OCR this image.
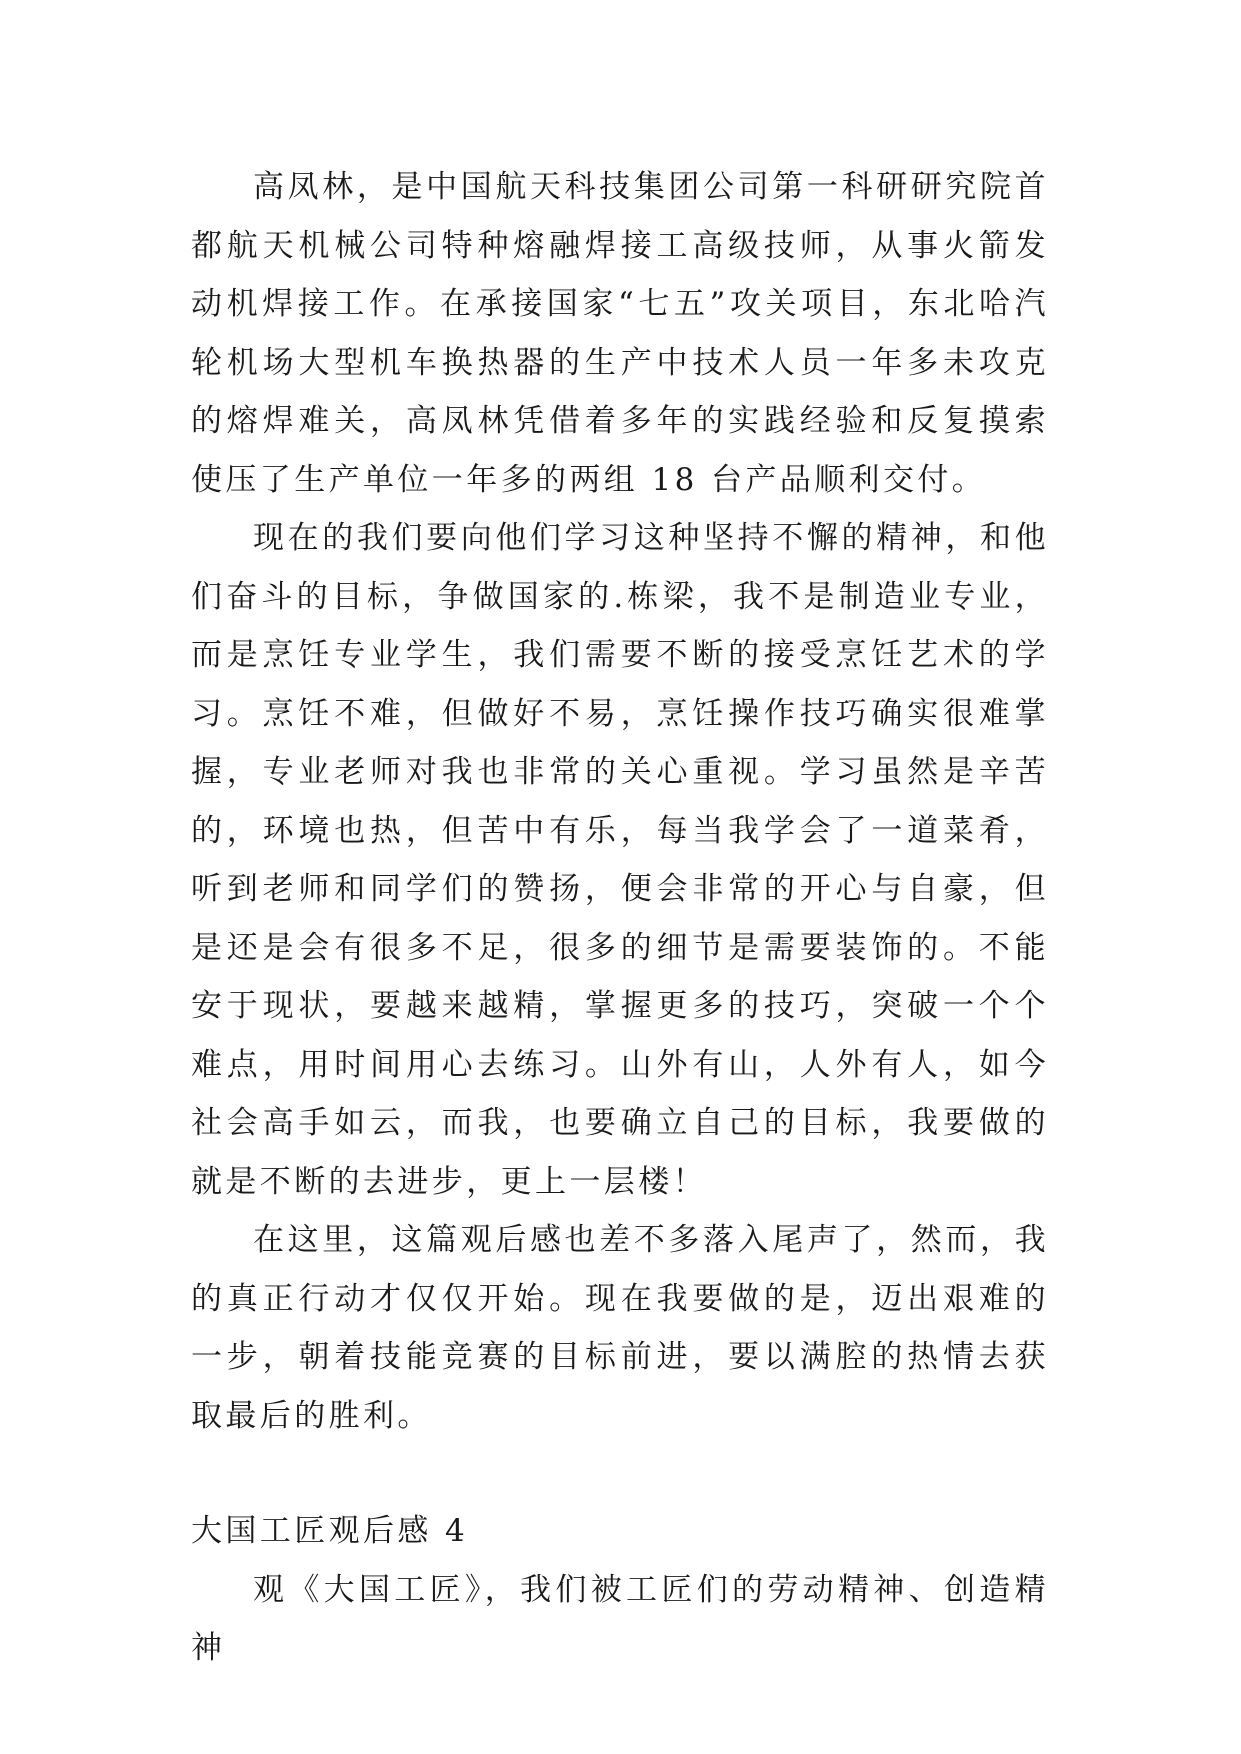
高凤林，是中国航天科技集团公司第一科研研究院首都航天机械公司特种熔融焊接工高级技师，从事火箭发动机焊接工作。在承接国家“七五”攻关项目，东北哈汽轮机场大型机车换热器的生产中技术人员一年多未攻克的熔焊难关，高凤林凭借着多年的实践经验和反复摸索使压了生产单位一年多的两组 18 台产品顺利交付。

现在的我们要向他们学习这种坚持不懈的精神，和他们奋斗的目标，争做国家的.栋梁，我不是制造业专业，而是烹饪专业学生，我们需要不断的接受烹饪艺术的学习。烹饪不难，但做好不易，烹饪操作技巧确实很难掌握，专业老师对我也非常的关心重视。学习虽然是辛苦的，环境也热，但苦中有乐，每当我学会了一道菜肴，听到老师和同学们的赞扬，便会非常的开心与自豪，但是还是会有很多不足，很多的细节是需要装饰的。不能安于现状，要越来越精，掌握更多的技巧，突破一个个难点，用时间用心去练习。山外有山，人外有人，如今社会高手如云，而我，也要确立自己的目标，我要做的就是不断的去进步，更上一层楼！

在这里，这篇观后感也差不多落入尾声了，然而，我的真正行动才仅仅开始。现在我要做的是，迈出艰难的一步，朝着技能竞赛的目标前进，要以满腔的热情去获取最后的胜利。

大国工匠观后感 4

观《大国工匠》，我们被工匠们的劳动精神、创造精神
